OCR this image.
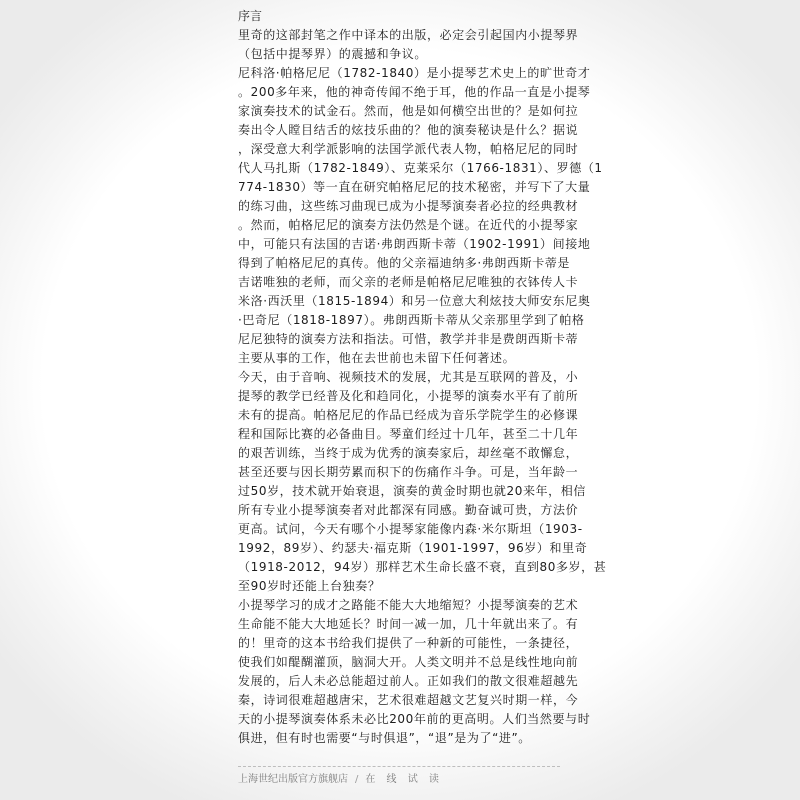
序言
里奇的这部封笔之作中译本的出版，必定会引起国内小提琴界
（包括中提琴界）的震撼和争议。
尼科洛·帕格尼尼（1782-1840）是小提琴艺术史上的旷世奇才
。200多年来，他的神奇传闻不绝于耳，他的作品一直是小提琴
家演奏技术的试金石。然而，他是如何横空出世的？是如何拉
奏出令人瞠目结舌的炫技乐曲的？他的演奏秘诀是什么？据说
，深受意大利学派影响的法国学派代表人物，帕格尼尼的同时
代人马扎斯（1782-1849）、克莱采尔（1766-1831）、罗德（1
774-1830）等一直在研究帕格尼尼的技术秘密，并写下了大量
的练习曲，这些练习曲现已成为小提琴演奏者必拉的经典教材
。然而，帕格尼尼的演奏方法仍然是个谜。在近代的小提琴家
中，可能只有法国的吉诺·弗朗西斯卡蒂（1902-1991）间接地
得到了帕格尼尼的真传。他的父亲福迪纳多·弗朗西斯卡蒂是
吉诺唯独的老师，而父亲的老师是帕格尼尼唯独的衣钵传人卡
米洛·西沃里（1815-1894）和另一位意大利炫技大师安东尼奥
·巴奇尼（1818-1897）。弗朗西斯卡蒂从父亲那里学到了帕格
尼尼独特的演奏方法和指法。可惜，教学并非是费朗西斯卡蒂
主要从事的工作，他在去世前也未留下任何著述。
今天，由于音响、视频技术的发展，尤其是互联网的普及，小
提琴的教学已经普及化和趋同化，小提琴的演奏水平有了前所
未有的提高。帕格尼尼的作品已经成为音乐学院学生的必修课
程和国际比赛的必备曲目。琴童们经过十几年，甚至二十几年
的艰苦训练，当终于成为优秀的演奏家后，却丝毫不敢懈怠，
甚至还要与因长期劳累而积下的伤痛作斗争。可是，当年龄一
过50岁，技术就开始衰退，演奏的黄金时期也就20来年，相信
所有专业小提琴演奏者对此都深有同感。勤奋诚可贵，方法价
更高。试问，今天有哪个小提琴家能像内森·米尔斯坦（1903-
1992，89岁）、约瑟夫·福克斯（1901-1997，96岁）和里奇
（1918-2012，94岁）那样艺术生命长盛不衰，直到80多岁，甚
至90岁时还能上台独奏？
小提琴学习的成才之路能不能大大地缩短？小提琴演奏的艺术
生命能不能大大地延长？时间一减一加，几十年就出来了。有
的！里奇的这本书给我们提供了一种新的可能性，一条捷径，
使我们如醍醐灌顶，脑洞大开。人类文明并不总是线性地向前
发展的，后人未必总能超过前人。正如我们的散文很难超越先
秦，诗词很难超越唐宋，艺术很难超越文艺复兴时期一样，今
天的小提琴演奏体系未必比200年前的更高明。人们当然要与时
俱进，但有时也需要“与时俱退”，“退”是为了“进”。
上海世纪出版官方旗舰店 / 在 线 试 读
